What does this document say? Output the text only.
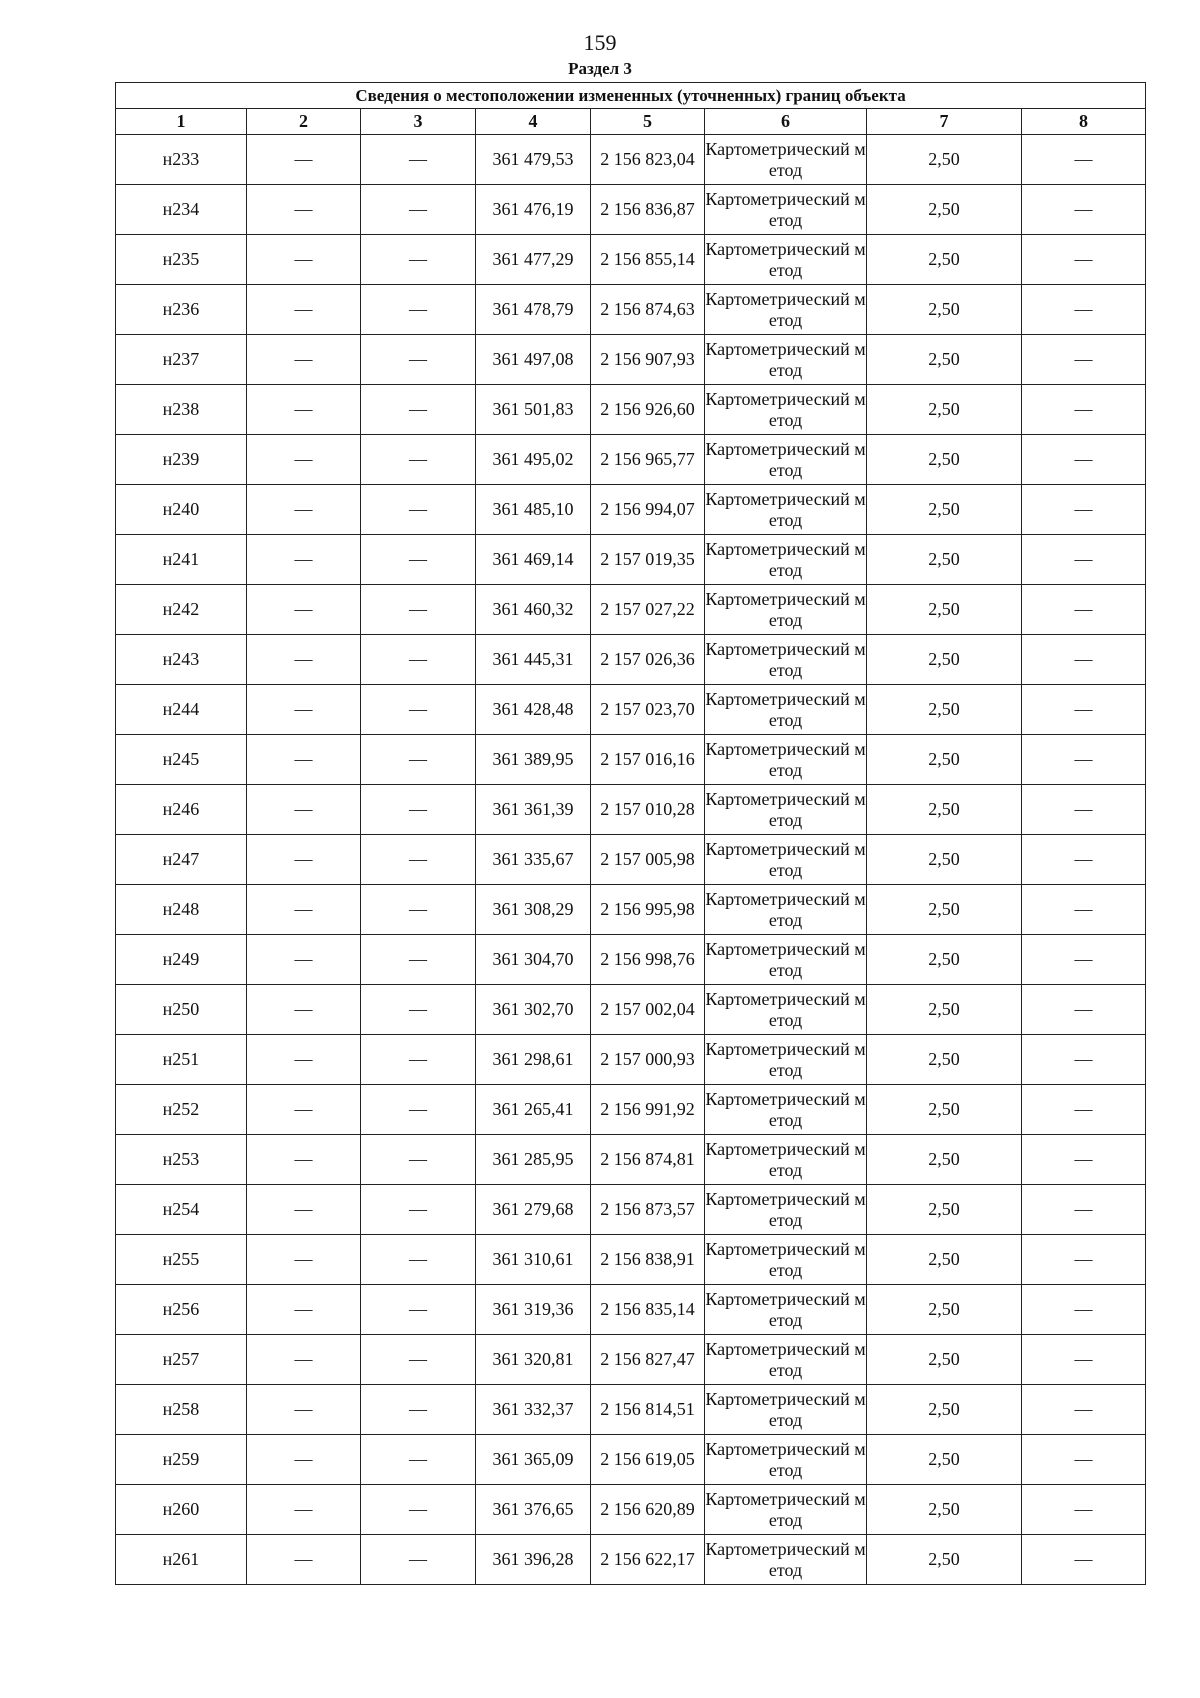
159
Раздел 3
Сведения о местоположении измененных (уточненных) границ объекта							
1	2	3	4	5	6	7	8
н233	—	—	361 479,53	2 156 823,04	Картометрический метод	2,50	—
н234	—	—	361 476,19	2 156 836,87	Картометрический метод	2,50	—
н235	—	—	361 477,29	2 156 855,14	Картометрический метод	2,50	—
н236	—	—	361 478,79	2 156 874,63	Картометрический метод	2,50	—
н237	—	—	361 497,08	2 156 907,93	Картометрический метод	2,50	—
н238	—	—	361 501,83	2 156 926,60	Картометрический метод	2,50	—
н239	—	—	361 495,02	2 156 965,77	Картометрический метод	2,50	—
н240	—	—	361 485,10	2 156 994,07	Картометрический метод	2,50	—
н241	—	—	361 469,14	2 157 019,35	Картометрический метод	2,50	—
н242	—	—	361 460,32	2 157 027,22	Картометрический метод	2,50	—
н243	—	—	361 445,31	2 157 026,36	Картометрический метод	2,50	—
н244	—	—	361 428,48	2 157 023,70	Картометрический метод	2,50	—
н245	—	—	361 389,95	2 157 016,16	Картометрический метод	2,50	—
н246	—	—	361 361,39	2 157 010,28	Картометрический метод	2,50	—
н247	—	—	361 335,67	2 157 005,98	Картометрический метод	2,50	—
н248	—	—	361 308,29	2 156 995,98	Картометрический метод	2,50	—
н249	—	—	361 304,70	2 156 998,76	Картометрический метод	2,50	—
н250	—	—	361 302,70	2 157 002,04	Картометрический метод	2,50	—
н251	—	—	361 298,61	2 157 000,93	Картометрический метод	2,50	—
н252	—	—	361 265,41	2 156 991,92	Картометрический метод	2,50	—
н253	—	—	361 285,95	2 156 874,81	Картометрический метод	2,50	—
н254	—	—	361 279,68	2 156 873,57	Картометрический метод	2,50	—
н255	—	—	361 310,61	2 156 838,91	Картометрический метод	2,50	—
н256	—	—	361 319,36	2 156 835,14	Картометрический метод	2,50	—
н257	—	—	361 320,81	2 156 827,47	Картометрический метод	2,50	—
н258	—	—	361 332,37	2 156 814,51	Картометрический метод	2,50	—
н259	—	—	361 365,09	2 156 619,05	Картометрический метод	2,50	—
н260	—	—	361 376,65	2 156 620,89	Картометрический метод	2,50	—
н261	—	—	361 396,28	2 156 622,17	Картометрический метод	2,50	—
